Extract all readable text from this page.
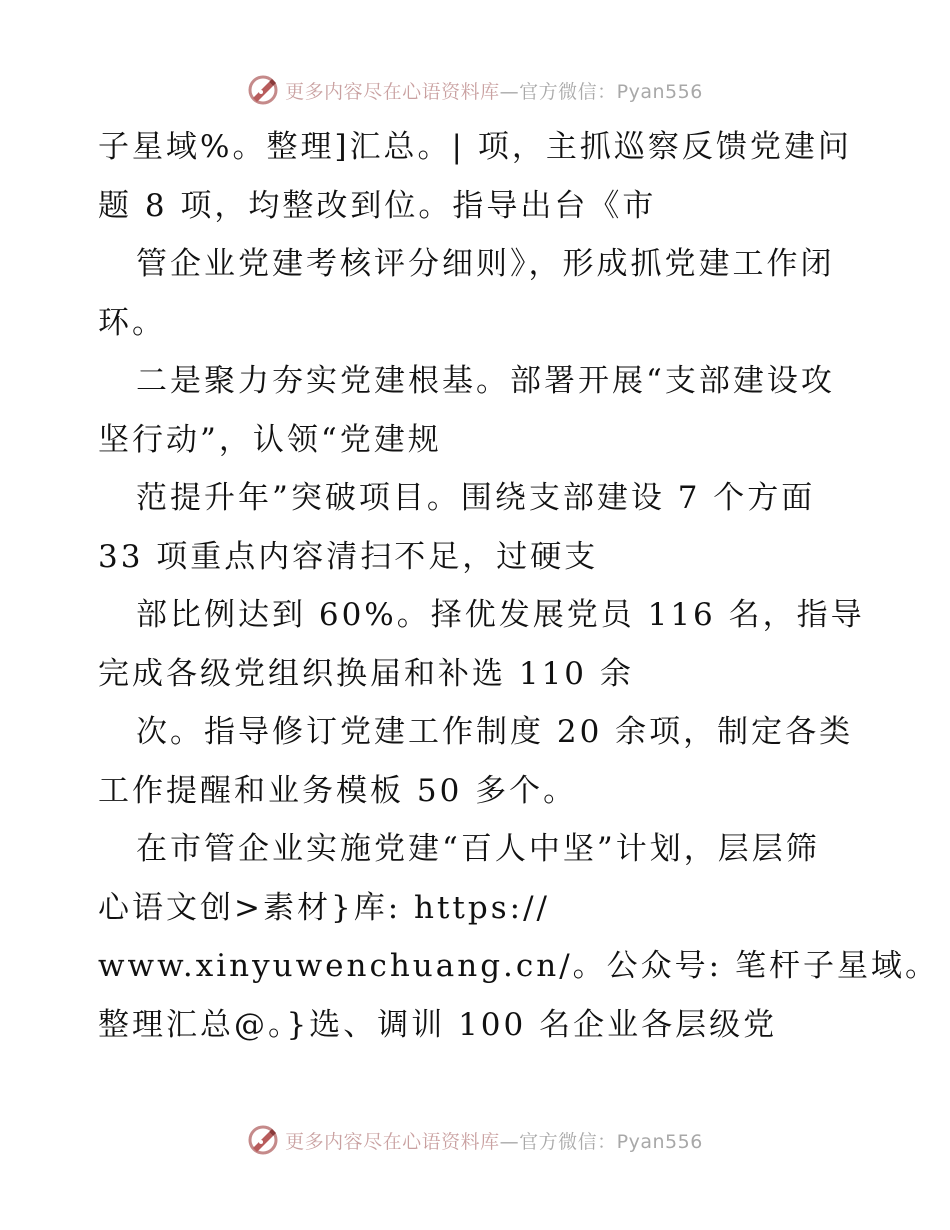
更多内容尽在心语资料库—官方微信：Pyan556
子星域%。整理]汇总。| 项，主抓巡察反馈党建问
题 8 项，均整改到位。指导出台《市
管企业党建考核评分细则》，形成抓党建工作闭
环。
二是聚力夯实党建根基。部署开展“支部建设攻
坚行动”，认领“党建规
范提升年”突破项目。围绕支部建设 7 个方面
33 项重点内容清扫不足，过硬支
部比例达到 60%。择优发展党员 116 名，指导
完成各级党组织换届和补选 110 余
次。指导修订党建工作制度 20 余项，制定各类
工作提醒和业务模板 50 多个。
在市管企业实施党建“百人中坚”计划，层层筛
心语文创>素材}库: https://
www.xinyuwenchuang.cn/。公众号: 笔杆子星域。
整理汇总@。}选、调训 100 名企业各层级党
更多内容尽在心语资料库—官方微信：Pyan556
